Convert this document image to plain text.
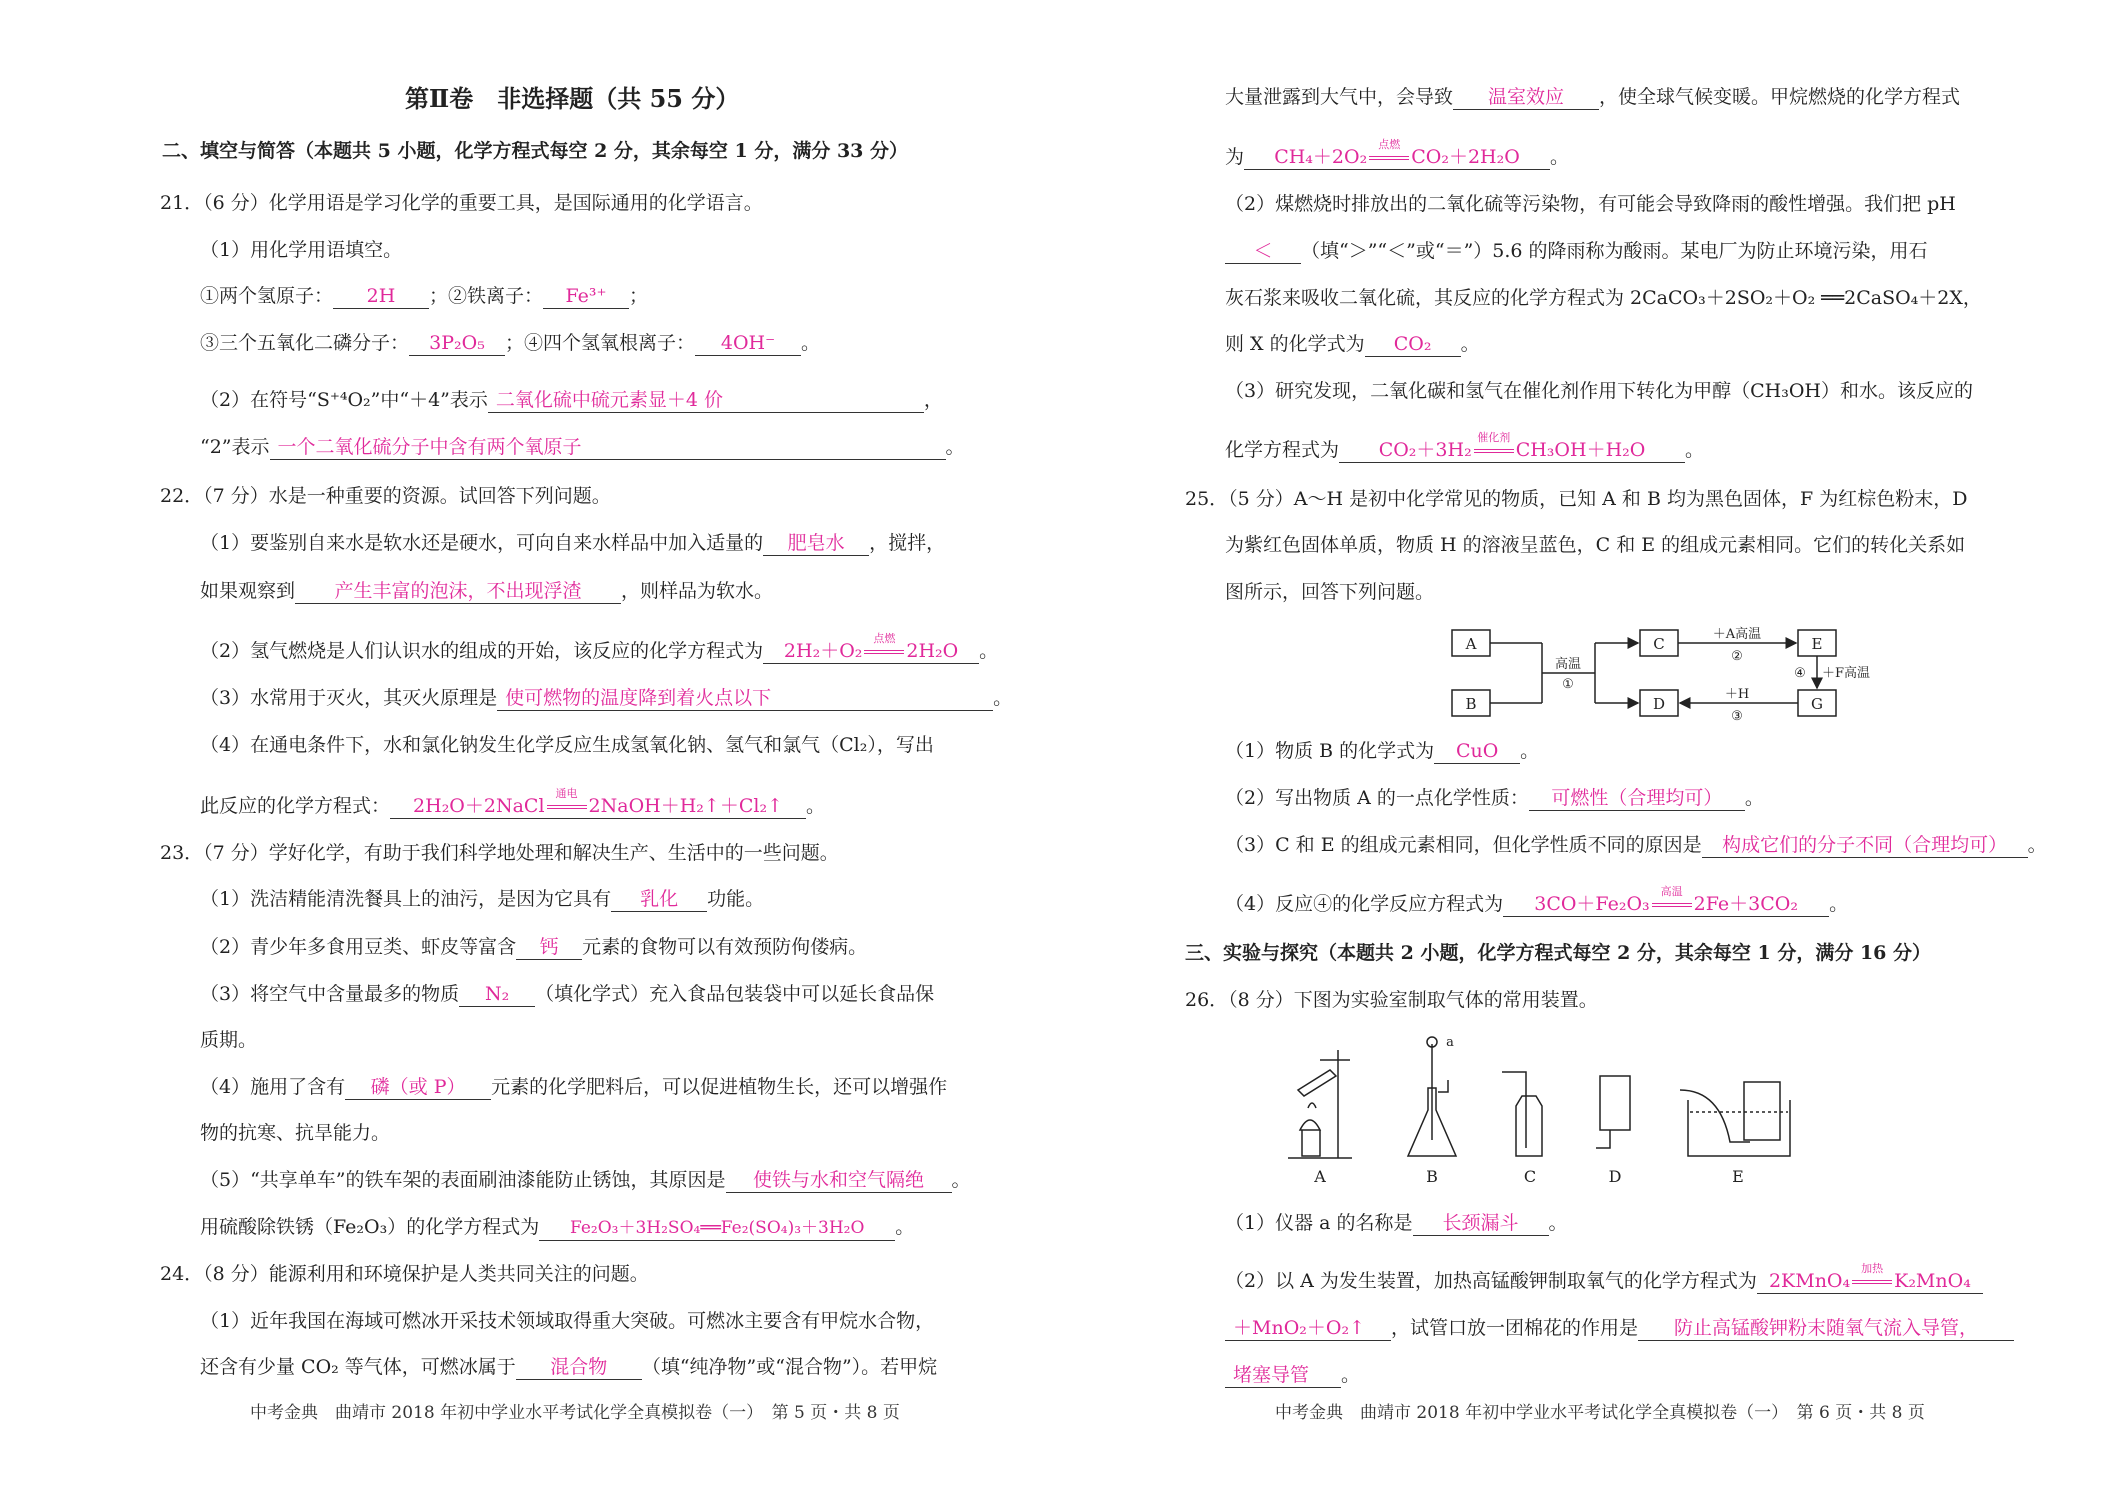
第Ⅱ卷　非选择题（共 55 分）
二、填空与简答（本题共 5 小题，化学方程式每空 2 分，其余每空 1 分，满分 33 分）
21．（6 分）化学用语是学习化学的重要工具，是国际通用的化学语言。
（1）用化学用语填空。
①两个氢原子： 2H ；②铁离子： Fe³⁺ ；
③三个五氧化二磷分子： 3P₂O₅ ；④四个氢氧根离子： 4OH⁻ 。
（2）在符号“S⁺⁴O₂”中“＋4”表示 二氧化硫中硫元素显＋4 价	，
“2”表示 一个二氧化硫分子中含有两个氧原子	。
22．（7 分）水是一种重要的资源。试回答下列问题。
（1）要鉴别自来水是软水还是硬水，可向自来水样品中加入适量的 肥皂水 ，搅拌，
如果观察到 产生丰富的泡沫，不出现浮渣 ，则样品为软水。
（2）氢气燃烧是人们认识水的组成的开始，该反应的化学方程式为 2H₂＋O₂
点燃
2H₂O 。
（3）水常用于灭火，其灭火原理是 使可燃物的温度降到着火点以下	。
（4）在通电条件下，水和氯化钠发生化学反应生成氢氧化钠、氢气和氯气（Cl₂），写出
此反应的化学方程式： 2H₂O＋2NaCl
通电
2NaOH＋H₂↑＋Cl₂↑ 。
23．（7 分）学好化学，有助于我们科学地处理和解决生产、生活中的一些问题。
（1）洗洁精能清洗餐具上的油污，是因为它具有 乳化 功能。
（2）青少年多食用豆类、虾皮等富含 钙 元素的食物可以有效预防佝偻病。
（3）将空气中含量最多的物质 N₂ （填化学式）充入食品包装袋中可以延长食品保
质期。
（4）施用了含有 磷（或 P） 元素的化学肥料后，可以促进植物生长，还可以增强作
物的抗寒、抗旱能力。
（5）“共享单车”的铁车架的表面刷油漆能防止锈蚀，其原因是 使铁与水和空气隔绝 。
用硫酸除铁锈（Fe₂O₃）的化学方程式为 Fe₂O₃＋3H₂SO₄══Fe₂(SO₄)₃＋3H₂O 。
24．（8 分）能源利用和环境保护是人类共同关注的问题。
（1）近年我国在海域可燃冰开采技术领域取得重大突破。可燃冰主要含有甲烷水合物，
还含有少量 CO₂ 等气体，可燃冰属于 混合物 （填“纯净物”或“混合物”）。若甲烷
中考金典　曲靖市 2018 年初中学业水平考试化学全真模拟卷（一）　第 5 页・共 8 页
大量泄露到大气中，会导致 温室效应 ，使全球气候变暖。甲烷燃烧的化学方程式
为 CH₄＋2O₂
点燃
CO₂＋2H₂O 。
（2）煤燃烧时排放出的二氧化硫等污染物，有可能会导致降雨的酸性增强。我们把 pH
＜ （填“＞”“＜”或“＝”）5.6 的降雨称为酸雨。某电厂为防止环境污染，用石
灰石浆来吸收二氧化硫，其反应的化学方程式为 2CaCO₃＋2SO₂＋O₂ ══2CaSO₄＋2X，
则 X 的化学式为 CO₂ 。
（3）研究发现，二氧化碳和氢气在催化剂作用下转化为甲醇（CH₃OH）和水。该反应的
化学方程式为 CO₂＋3H₂
催化剂
CH₃OH＋H₂O 。
25．（5 分）A～H 是初中化学常见的物质，已知 A 和 B 均为黑色固体，F 为红棕色粉末，D
为紫红色固体单质，物质 H 的溶液呈蓝色，C 和 E 的组成元素相同。它们的转化关系如
图所示，回答下列问题。
A
B
C
D
E
G
高温
①
＋A高温
②
＋H
③
④ ＋F高温
（1）物质 B 的化学式为 CuO 。
（2）写出物质 A 的一点化学性质： 可燃性（合理均可） 。
（3）C 和 E 的组成元素相同，但化学性质不同的原因是 构成它们的分子不同（合理均可） 。
（4）反应④的化学反应方程式为 3CO＋Fe₂O₃
高温
2Fe＋3CO₂ 。
三、实验与探究（本题共 2 小题，化学方程式每空 2 分，其余每空 1 分，满分 16 分）
26．（8 分）下图为实验室制取气体的常用装置。
A	B	C	D	E
a
（1）仪器 a 的名称是 长颈漏斗 。
（2）以 A 为发生装置，加热高锰酸钾制取氧气的化学方程式为 2KMnO₄
加热
K₂MnO₄
＋MnO₂＋O₂↑ ，试管口放一团棉花的作用是 防止高锰酸钾粉末随氧气流入导管，
堵塞导管 。
中考金典　曲靖市 2018 年初中学业水平考试化学全真模拟卷（一）　第 6 页・共 8 页
